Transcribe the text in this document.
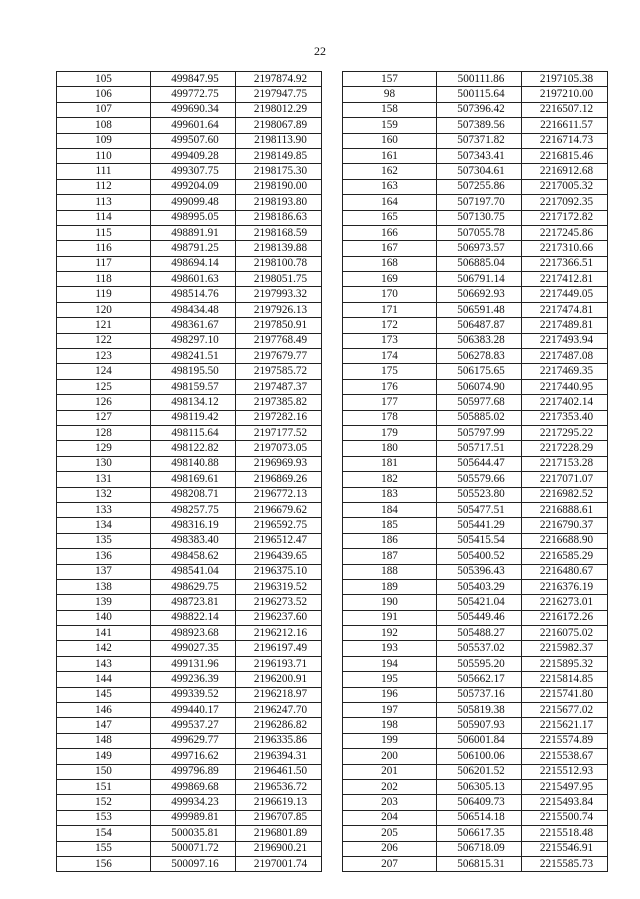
22
105	499847.95	2197874.92
106	499772.75	2197947.75
107	499690.34	2198012.29
108	499601.64	2198067.89
109	499507.60	2198113.90
110	499409.28	2198149.85
111	499307.75	2198175.30
112	499204.09	2198190.00
113	499099.48	2198193.80
114	498995.05	2198186.63
115	498891.91	2198168.59
116	498791.25	2198139.88
117	498694.14	2198100.78
118	498601.63	2198051.75
119	498514.76	2197993.32
120	498434.48	2197926.13
121	498361.67	2197850.91
122	498297.10	2197768.49
123	498241.51	2197679.77
124	498195.50	2197585.72
125	498159.57	2197487.37
126	498134.12	2197385.82
127	498119.42	2197282.16
128	498115.64	2197177.52
129	498122.82	2197073.05
130	498140.88	2196969.93
131	498169.61	2196869.26
132	498208.71	2196772.13
133	498257.75	2196679.62
134	498316.19	2196592.75
135	498383.40	2196512.47
136	498458.62	2196439.65
137	498541.04	2196375.10
138	498629.75	2196319.52
139	498723.81	2196273.52
140	498822.14	2196237.60
141	498923.68	2196212.16
142	499027.35	2196197.49
143	499131.96	2196193.71
144	499236.39	2196200.91
145	499339.52	2196218.97
146	499440.17	2196247.70
147	499537.27	2196286.82
148	499629.77	2196335.86
149	499716.62	2196394.31
150	499796.89	2196461.50
151	499869.68	2196536.72
152	499934.23	2196619.13
153	499989.81	2196707.85
154	500035.81	2196801.89
155	500071.72	2196900.21
156	500097.16	2197001.74
157	500111.86	2197105.38
98	500115.64	2197210.00
158	507396.42	2216507.12
159	507389.56	2216611.57
160	507371.82	2216714.73
161	507343.41	2216815.46
162	507304.61	2216912.68
163	507255.86	2217005.32
164	507197.70	2217092.35
165	507130.75	2217172.82
166	507055.78	2217245.86
167	506973.57	2217310.66
168	506885.04	2217366.51
169	506791.14	2217412.81
170	506692.93	2217449.05
171	506591.48	2217474.81
172	506487.87	2217489.81
173	506383.28	2217493.94
174	506278.83	2217487.08
175	506175.65	2217469.35
176	506074.90	2217440.95
177	505977.68	2217402.14
178	505885.02	2217353.40
179	505797.99	2217295.22
180	505717.51	2217228.29
181	505644.47	2217153.28
182	505579.66	2217071.07
183	505523.80	2216982.52
184	505477.51	2216888.61
185	505441.29	2216790.37
186	505415.54	2216688.90
187	505400.52	2216585.29
188	505396.43	2216480.67
189	505403.29	2216376.19
190	505421.04	2216273.01
191	505449.46	2216172.26
192	505488.27	2216075.02
193	505537.02	2215982.37
194	505595.20	2215895.32
195	505662.17	2215814.85
196	505737.16	2215741.80
197	505819.38	2215677.02
198	505907.93	2215621.17
199	506001.84	2215574.89
200	506100.06	2215538.67
201	506201.52	2215512.93
202	506305.13	2215497.95
203	506409.73	2215493.84
204	506514.18	2215500.74
205	506617.35	2215518.48
206	506718.09	2215546.91
207	506815.31	2215585.73
